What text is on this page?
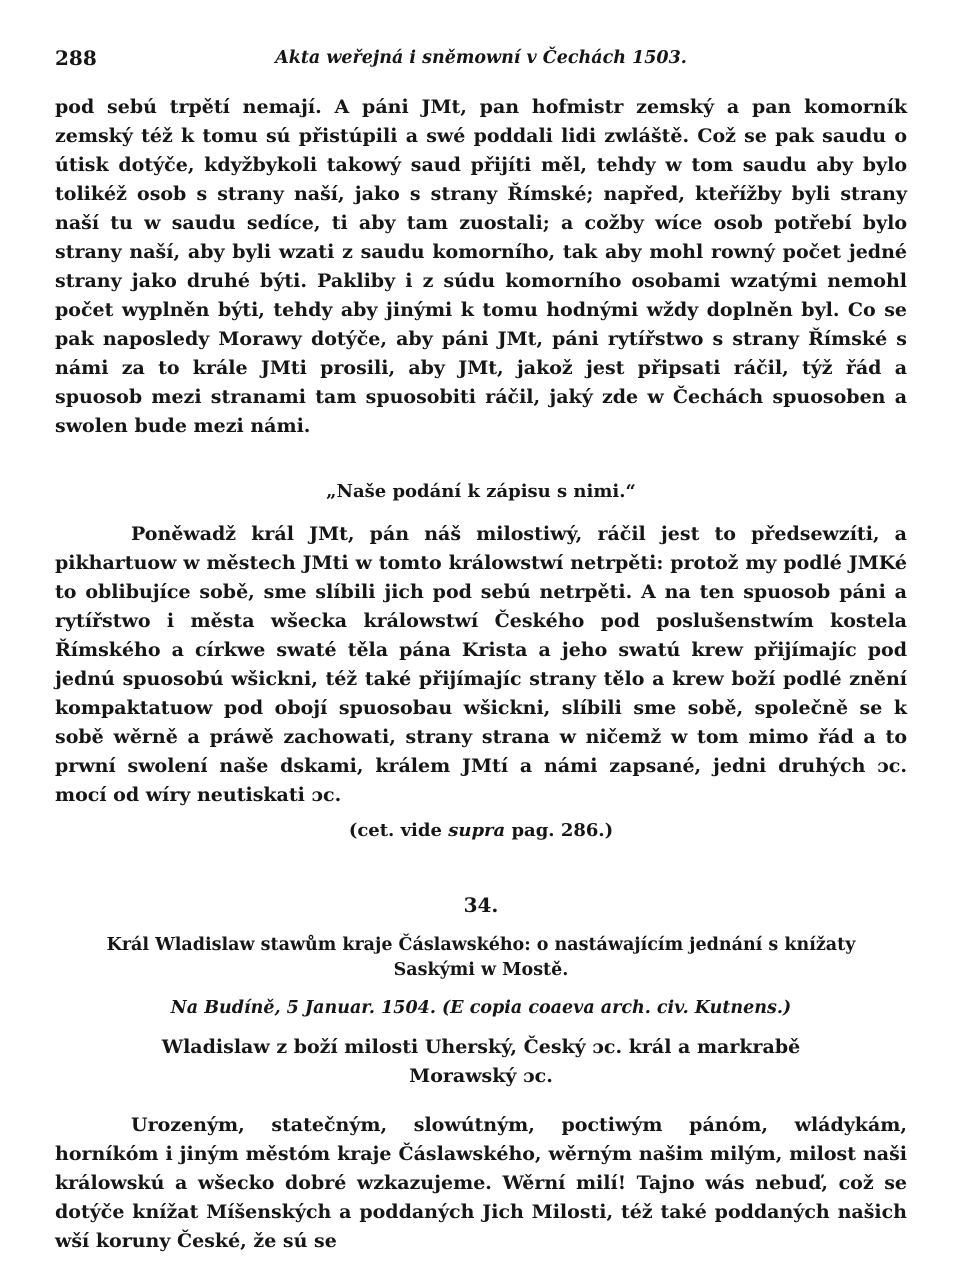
288	Akta weřejná i sněmowní v Čechách 1503.

pod sebú trpětí nemají. A páni JMt, pan hofmistr zemský a pan komorník zemský též k tomu sú přistúpili a swé poddali lidi zwláště. Což se pak saudu o útisk dotýče, kdyžbykoli takowý saud přijíti měl, tehdy w tom saudu aby bylo tolikéž osob s strany naší, jako s strany Římské; napřed, kteřížby byli strany naší tu w saudu sedíce, ti aby tam zuostali; a cožby wíce osob potřebí bylo strany naší, aby byli wzati z saudu komorního, tak aby mohl rowný počet jedné strany jako druhé býti. Pakliby i z súdu komorního osobami wzatými nemohl počet wyplněn býti, tehdy aby jinými k tomu hodnými wždy doplněn byl. Co se pak naposledy Morawy dotýče, aby páni JMt, páni rytířstwo s strany Římské s námi za to krále JMti prosili, aby JMt, jakož jest připsati ráčil, týž řád a spuosob mezi stranami tam spuosobiti ráčil, jaký zde w Čechách spuosoben a swolen bude mezi námi.

„Naše podání k zápisu s nimi.“

Poněwadž král JMt, pán náš milostiwý, ráčil jest to předsewzíti, a pikhartuow w městech JMti w tomto králowstwí netrpěti: protož my podlé JMKé to oblibujíce sobě, sme slíbili jich pod sebú netrpěti. A na ten spuosob páni a rytířstwo i města wšecka králowstwí Českého pod poslušenstwím kostela Římského a církwe swaté těla pána Krista a jeho swatú krew přijímajíc pod jednú spuosobú wšickni, též také přijímajíc strany tělo a krew boží podlé znění kompaktatuow pod obojí spuosobau wšickni, slíbili sme sobě, společně se k sobě wěrně a práwě zachowati, strany strana w ničemž w tom mimo řád a to prwní swolení naše dskami, králem JMtí a námi zapsané, jedni druhých ɔc. mocí od wíry neutiskati ɔc.

(cet. vide supra pag. 286.)
34.
Král Wladislaw stawům kraje Čáslawského: o nastáwajícím jednání s knížaty Saskými w Mostě.
Na Budíně, 5 Januar. 1504. (E copia coaeva arch. civ. Kutnens.)
Wladislaw z boží milosti Uherský, Český ɔc. král a markrabě Morawský ɔc.

Urozeným, statečným, slowútným, poctiwým pánóm, wládykám, horníkóm i jiným městóm kraje Čáslawského, wěrným našim milým, milost naši králowskú a wšecko dobré wzkazujeme. Wěrní milí! Tajno wás nebuď, což se dotýče knížat Míšenských a poddaných Jich Milosti, též také poddaných našich wší koruny České, že sú se
